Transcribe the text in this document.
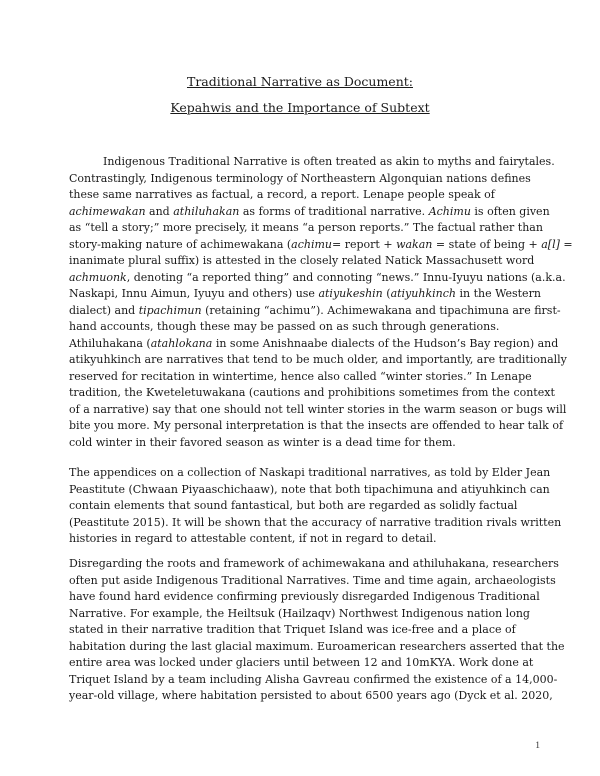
Traditional Narrative as Document:
Kepahwis and the Importance of Subtext
Indigenous Traditional Narrative is often treated as akin to myths and fairytales.
Contrastingly, Indigenous terminology of Northeastern Algonquian nations defines
these same narratives as factual, a record, a report. Lenape people speak of
achimewakan and athiluhakan as forms of traditional narrative. Achimu is often given
as “tell a story;” more precisely, it means “a person reports.” The factual rather than
story-making nature of achimewakana (achimu= report + wakan = state of being + a[l] =
inanimate plural suffix) is attested in the closely related Natick Massachusett word
achmuonk, denoting “a reported thing” and connoting “news.” Innu-Iyuyu nations (a.k.a.
Naskapi, Innu Aimun, Iyuyu and others) use atiyukeshin (atiyuhkinch in the Western
dialect) and tipachimun (retaining “achimu”). Achimewakana and tipachimuna are first-
hand accounts, though these may be passed on as such through generations.
Athiluhakana (atahlokana in some Anishnaabe dialects of the Hudson’s Bay region) and
atikyuhkinch are narratives that tend to be much older, and importantly, are traditionally
reserved for recitation in wintertime, hence also called “winter stories.” In Lenape
tradition, the Kweteletuwakana (cautions and prohibitions sometimes from the context
of a narrative) say that one should not tell winter stories in the warm season or bugs will
bite you more. My personal interpretation is that the insects are offended to hear talk of
cold winter in their favored season as winter is a dead time for them.
The appendices on a collection of Naskapi traditional narratives, as told by Elder Jean
Peastitute (Chwaan Piyaaschichaaw), note that both tipachimuna and atiyuhkinch can
contain elements that sound fantastical, but both are regarded as solidly factual
(Peastitute 2015). It will be shown that the accuracy of narrative tradition rivals written
histories in regard to attestable content, if not in regard to detail.
Disregarding the roots and framework of achimewakana and athiluhakana, researchers
often put aside Indigenous Traditional Narratives. Time and time again, archaeologists
have found hard evidence confirming previously disregarded Indigenous Traditional
Narrative. For example, the Heiltsuk (Hailzaqv) Northwest Indigenous nation long
stated in their narrative tradition that Triquet Island was ice-free and a place of
habitation during the last glacial maximum. Euroamerican researchers asserted that the
entire area was locked under glaciers until between 12 and 10mKYA. Work done at
Triquet Island by a team including Alisha Gavreau confirmed the existence of a 14,000-
year-old village, where habitation persisted to about 6500 years ago (Dyck et al. 2020,
1
